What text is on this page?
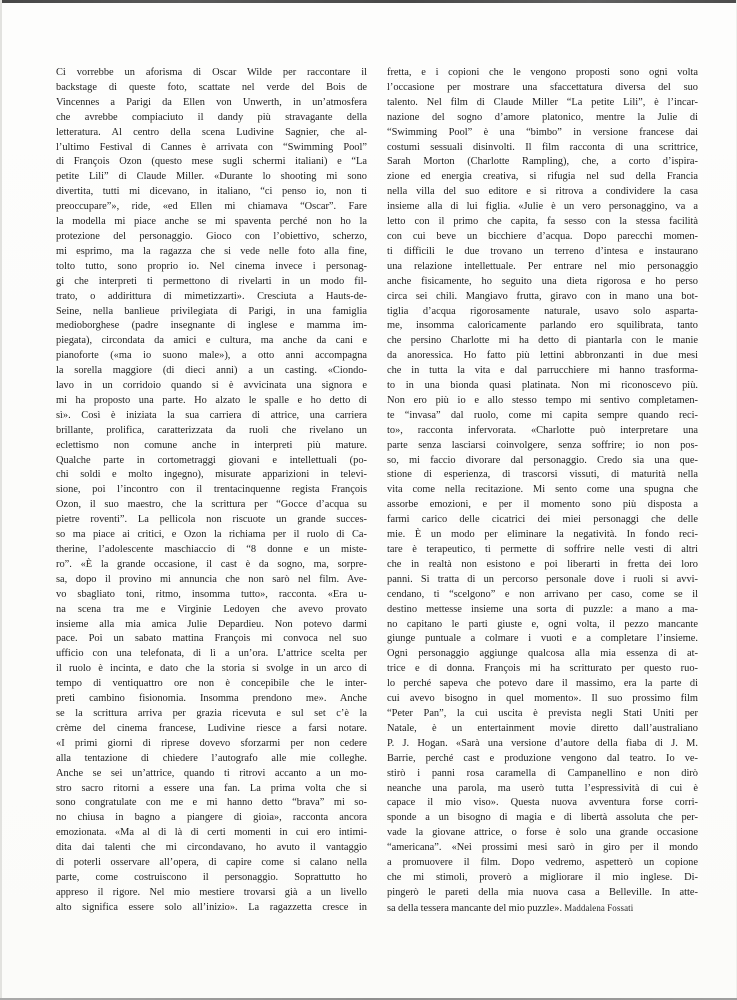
Ci vorrebbe un aforisma di Oscar Wilde per raccontare il
backstage di queste foto, scattate nel verde del Bois de
Vincennes a Parigi da Ellen von Unwerth, in un’atmosfera
che avrebbe compiaciuto il dandy più stravagante della
letteratura. Al centro della scena Ludivine Sagnier, che al-
l’ultimo Festival di Cannes è arrivata con “Swimming Pool”
di François Ozon (questo mese sugli schermi italiani) e “La
petite Lili” di Claude Miller. «Durante lo shooting mi sono
divertita, tutti mi dicevano, in italiano, “ci penso io, non ti
preoccupare”», ride, «ed Ellen mi chiamava “Oscar”. Fare
la modella mi piace anche se mi spaventa perché non ho la
protezione del personaggio. Gioco con l’obiettivo, scherzo,
mi esprimo, ma la ragazza che si vede nelle foto alla fine,
tolto tutto, sono proprio io. Nel cinema invece i personag-
gi che interpreti ti permettono di rivelarti in un modo fil-
trato, o addirittura di mimetizzarti». Cresciuta a Hauts-de-
Seine, nella banlieue privilegiata di Parigi, in una famiglia
medioborghese (padre insegnante di inglese e mamma im-
piegata), circondata da amici e cultura, ma anche da cani e
pianoforte («ma io suono male»), a otto anni accompagna
la sorella maggiore (di dieci anni) a un casting. «Ciondo-
lavo in un corridoio quando si è avvicinata una signora e
mi ha proposto una parte. Ho alzato le spalle e ho detto di
sì». Così è iniziata la sua carriera di attrice, una carriera
brillante, prolifica, caratterizzata da ruoli che rivelano un
eclettismo non comune anche in interpreti più mature.
Qualche parte in cortometraggi giovani e intellettuali (po-
chi soldi e molto ingegno), misurate apparizioni in televi-
sione, poi l’incontro con il trentacinquenne regista François
Ozon, il suo maestro, che la scrittura per “Gocce d’acqua su
pietre roventi”. La pellicola non riscuote un grande succes-
so ma piace ai critici, e Ozon la richiama per il ruolo di Ca-
therine, l’adolescente maschiaccio di “8 donne e un miste-
ro”. «È la grande occasione, il cast è da sogno, ma, sorpre-
sa, dopo il provino mi annuncia che non sarò nel film. Ave-
vo sbagliato toni, ritmo, insomma tutto», racconta. «Era u-
na scena tra me e Virginie Ledoyen che avevo provato
insieme alla mia amica Julie Depardieu. Non potevo darmi
pace. Poi un sabato mattina François mi convoca nel suo
ufficio con una telefonata, di lì a un’ora. L’attrice scelta per
il ruolo è incinta, e dato che la storia si svolge in un arco di
tempo di ventiquattro ore non è concepibile che le inter-
preti cambino fisionomia. Insomma prendono me». Anche
se la scrittura arriva per grazia ricevuta e sul set c’è la
crème del cinema francese, Ludivine riesce a farsi notare.
«I primi giorni di riprese dovevo sforzarmi per non cedere
alla tentazione di chiedere l’autografo alle mie colleghe.
Anche se sei un’attrice, quando ti ritrovi accanto a un mo-
stro sacro ritorni a essere una fan. La prima volta che si
sono congratulate con me e mi hanno detto “brava” mi so-
no chiusa in bagno a piangere di gioia», racconta ancora
emozionata. «Ma al di là di certi momenti in cui ero intimi-
dita dai talenti che mi circondavano, ho avuto il vantaggio
di poterli osservare all’opera, di capire come si calano nella
parte, come costruiscono il personaggio. Soprattutto ho
appreso il rigore. Nel mio mestiere trovarsi già a un livello
alto significa essere solo all’inizio». La ragazzetta cresce in
fretta, e i copioni che le vengono proposti sono ogni volta
l’occasione per mostrare una sfaccettatura diversa del suo
talento. Nel film di Claude Miller “La petite Lili”, è l’incar-
nazione del sogno d’amore platonico, mentre la Julie di
“Swimming Pool” è una “bimbo” in versione francese dai
costumi sessuali disinvolti. Il film racconta di una scrittrice,
Sarah Morton (Charlotte Rampling), che, a corto d’ispira-
zione ed energia creativa, si rifugia nel sud della Francia
nella villa del suo editore e si ritrova a condividere la casa
insieme alla di lui figlia. «Julie è un vero personaggino, va a
letto con il primo che capita, fa sesso con la stessa facilità
con cui beve un bicchiere d’acqua. Dopo parecchi momen-
ti difficili le due trovano un terreno d’intesa e instaurano
una relazione intellettuale. Per entrare nel mio personaggio
anche fisicamente, ho seguito una dieta rigorosa e ho perso
circa sei chili. Mangiavo frutta, giravo con in mano una bot-
tiglia d’acqua rigorosamente naturale, usavo solo asparta-
me, insomma caloricamente parlando ero squilibrata, tanto
che persino Charlotte mi ha detto di piantarla con le manie
da anoressica. Ho fatto più lettini abbronzanti in due mesi
che in tutta la vita e dal parrucchiere mi hanno trasforma-
to in una bionda quasi platinata. Non mi riconoscevo più.
Non ero più io e allo stesso tempo mi sentivo completamen-
te “invasa” dal ruolo, come mi capita sempre quando reci-
to», racconta infervorata. «Charlotte può interpretare una
parte senza lasciarsi coinvolgere, senza soffrire; io non pos-
so, mi faccio divorare dal personaggio. Credo sia una que-
stione di esperienza, di trascorsi vissuti, di maturità nella
vita come nella recitazione. Mi sento come una spugna che
assorbe emozioni, e per il momento sono più disposta a
farmi carico delle cicatrici dei miei personaggi che delle
mie. È un modo per eliminare la negatività. In fondo reci-
tare è terapeutico, ti permette di soffrire nelle vesti di altri
che in realtà non esistono e poi liberarti in fretta dei loro
panni. Si tratta di un percorso personale dove i ruoli si avvi-
cendano, ti “scelgono” e non arrivano per caso, come se il
destino mettesse insieme una sorta di puzzle: a mano a ma-
no capitano le parti giuste e, ogni volta, il pezzo mancante
giunge puntuale a colmare i vuoti e a completare l’insieme.
Ogni personaggio aggiunge qualcosa alla mia essenza di at-
trice e di donna. François mi ha scritturato per questo ruo-
lo perché sapeva che potevo dare il massimo, era la parte di
cui avevo bisogno in quel momento». Il suo prossimo film
“Peter Pan”, la cui uscita è prevista negli Stati Uniti per
Natale, è un entertainment movie diretto dall’australiano
P. J. Hogan. «Sarà una versione d’autore della fiaba di J. M.
Barrie, perché cast e produzione vengono dal teatro. Io ve-
stirò i panni rosa caramella di Campanellino e non dirò
neanche una parola, ma userò tutta l’espressività di cui è
capace il mio viso». Questa nuova avventura forse corri-
sponde a un bisogno di magia e di libertà assoluta che per-
vade la giovane attrice, o forse è solo una grande occasione
“americana”. «Nei prossimi mesi sarò in giro per il mondo
a promuovere il film. Dopo vedremo, aspetterò un copione
che mi stimoli, proverò a migliorare il mio inglese. Di-
pingerò le pareti della mia nuova casa a Belleville. In atte-
sa della tessera mancante del mio puzzle». Maddalena Fossati
